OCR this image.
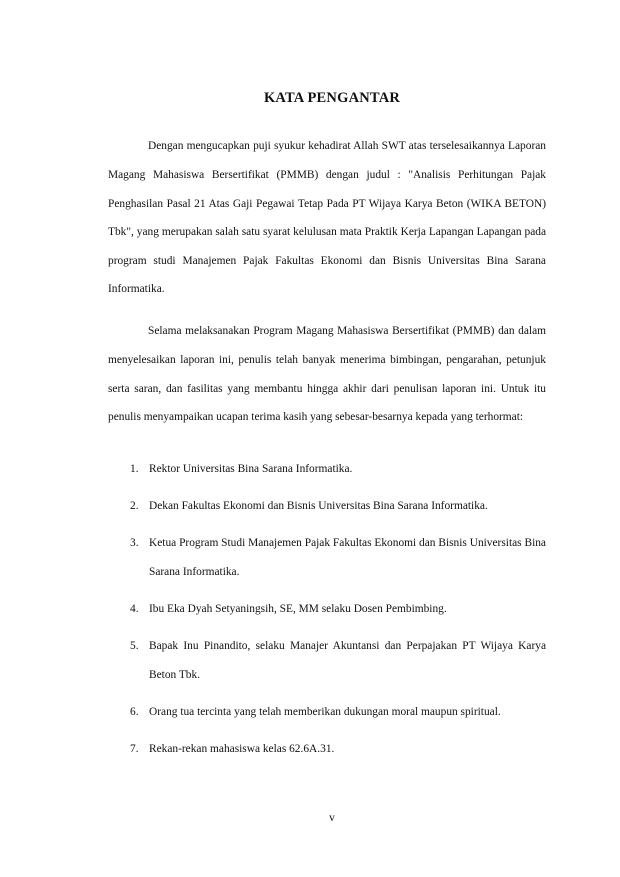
KATA PENGANTAR

Dengan mengucapkan puji syukur kehadirat Allah SWT atas terselesaikannya Laporan Magang Mahasiswa Bersertifikat (PMMB) dengan judul : "Analisis Perhitungan Pajak Penghasilan Pasal 21 Atas Gaji Pegawai Tetap Pada PT Wijaya Karya Beton (WIKA BETON) Tbk", yang merupakan salah satu syarat kelulusan mata Praktik Kerja Lapangan Lapangan pada program studi Manajemen Pajak Fakultas Ekonomi dan Bisnis Universitas Bina Sarana Informatika.

Selama melaksanakan Program Magang Mahasiswa Bersertifikat (PMMB) dan dalam menyelesaikan laporan ini, penulis telah banyak menerima bimbingan, pengarahan, petunjuk serta saran, dan fasilitas yang membantu hingga akhir dari penulisan laporan ini. Untuk itu penulis menyampaikan ucapan terima kasih yang sebesar-besarnya kepada yang terhormat:

1. Rektor Universitas Bina Sarana Informatika.
2. Dekan Fakultas Ekonomi dan Bisnis Universitas Bina Sarana Informatika.
3. Ketua Program Studi Manajemen Pajak Fakultas Ekonomi dan Bisnis Universitas Bina Sarana Informatika.
4. Ibu Eka Dyah Setyaningsih, SE, MM selaku Dosen Pembimbing.
5. Bapak Inu Pinandito, selaku Manajer Akuntansi dan Perpajakan PT Wijaya Karya Beton Tbk.
6. Orang tua tercinta yang telah memberikan dukungan moral maupun spiritual.
7. Rekan-rekan mahasiswa kelas 62.6A.31.
v
